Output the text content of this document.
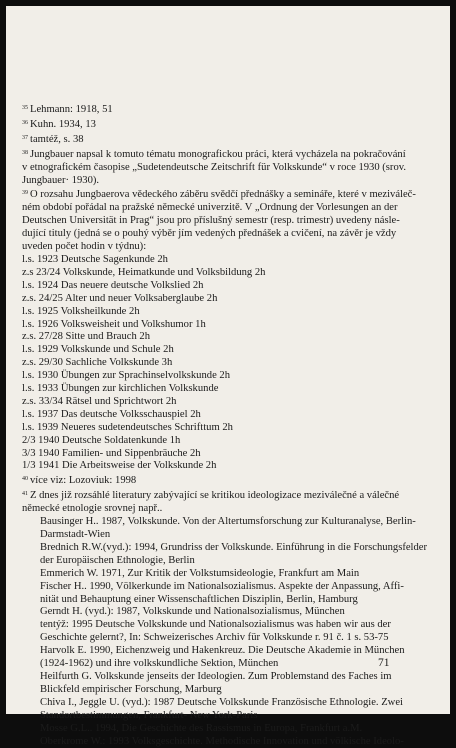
$^{35}$ Lehmann: 1918, 51
$^{36}$ Kuhn. 1934, 13
$^{37}$ tamtéž, s. 38
$^{38}$ Jungbauer napsal k tomuto tématu monografickou práci, která vycházela na pokračování
v etnografickém časopise „Sudetendeutsche Zeitschrift für Volkskunde“ v roce 1930 (srov.
Jungbauer· 1930).
$^{39}$ O rozsahu Jungbaerova vědeckého záběru svědčí přednášky a semináře, které v meziváleč-
ném období pořádal na pražské německé univerzitě. V „Ordnung der Vorlesungen an der
Deutschen Universität in Prag“ jsou pro příslušný semestr (resp. trimestr) uvedeny násle-
dující tituly (jedná se o pouhý výběr jím vedených přednášek a cvičení, na závěr je vždy
uveden počet hodin v týdnu):
l.s. 1923 Deutsche Sagenkunde 2h
z.s 23/24 Volkskunde, Heimatkunde und Volksbildung 2h
l.s. 1924 Das neuere deutsche Volkslied 2h
z.s. 24/25 Alter und neuer Volksaberglaube 2h
l.s. 1925 Volksheilkunde 2h
l.s. 1926 Volksweisheit und Volkshumor 1h
z.s. 27/28 Sitte und Brauch 2h
l.s. 1929 Volkskunde und Schule 2h
z.s. 29/30 Sachliche Volkskunde 3h
l.s. 1930 Übungen zur Sprachinselvolkskunde 2h
l.s. 1933 Übungen zur kirchlichen Volkskunde
z.s. 33/34 Rätsel und Sprichtwort 2h
l.s. 1937 Das deutsche Volksschauspiel 2h
l.s. 1939 Neueres sudetendeutsches Schrifttum 2h
2/3 1940 Deutsche Soldatenkunde 1h
3/3 1940 Familien- und Sippenbräuche 2h
1/3 1941 Die Arbeitsweise der Volkskunde 2h
$^{40}$ více viz: Lozoviuk: 1998
$^{41}$ Z dnes již rozsáhlé literatury zabývající se kritikou ideologizace meziválečné a válečné
německé etnologie srovnej např..
Bausinger H.. 1987, Volkskunde. Von der Altertumsforschung zur Kulturanalyse, Berlin-
Darmstadt-Wien
Brednich R.W.(vyd.): 1994, Grundriss der Volkskunde. Einführung in die Forschungsfelder
der Europäischen Ethnologie, Berlin
Emmerich W. 1971, Zur Kritik der Volkstumsideologie, Frankfurt am Main
Fischer H.. 1990, Völkerkunde im Nationalsozialismus. Aspekte der Anpassung, Affi-
nität und Behauptung einer Wissenschaftlichen Disziplin, Berlin, Hamburg
Gerndt H. (vyd.): 1987, Volkskunde und Nationalsozialismus, München
tentýž: 1995 Deutsche Volkskunde und Nationalsozialismus was haben wir aus der
Geschichte gelernt?, In: Schweizerisches Archiv für Volkskunde r. 91 č. 1 s. 53-75
Harvolk E. 1990, Eichenzweig und Hakenkreuz. Die Deutsche Akademie in München
(1924-1962) und ihre volkskundliche Sektion, München
Heilfurth G. Volkskunde jenseits der Ideologien. Zum Problemstand des Faches im
Blickfeld empirischer Forschung, Marburg
Chiva I., Jeggle U. (vyd.): 1987 Deutsche Volkskunde Französische Ethnologie. Zwei
Standortbestimmungen, Frankfurt- New York-Paris
Mosse G.L.. 1994, Die Geschichte des Rassismus in Europa, Frankfurt a.M.
Oberkrome W.: 1993 Volksgeschichte. Methodische Innovation und völkische Ideolo-
71
